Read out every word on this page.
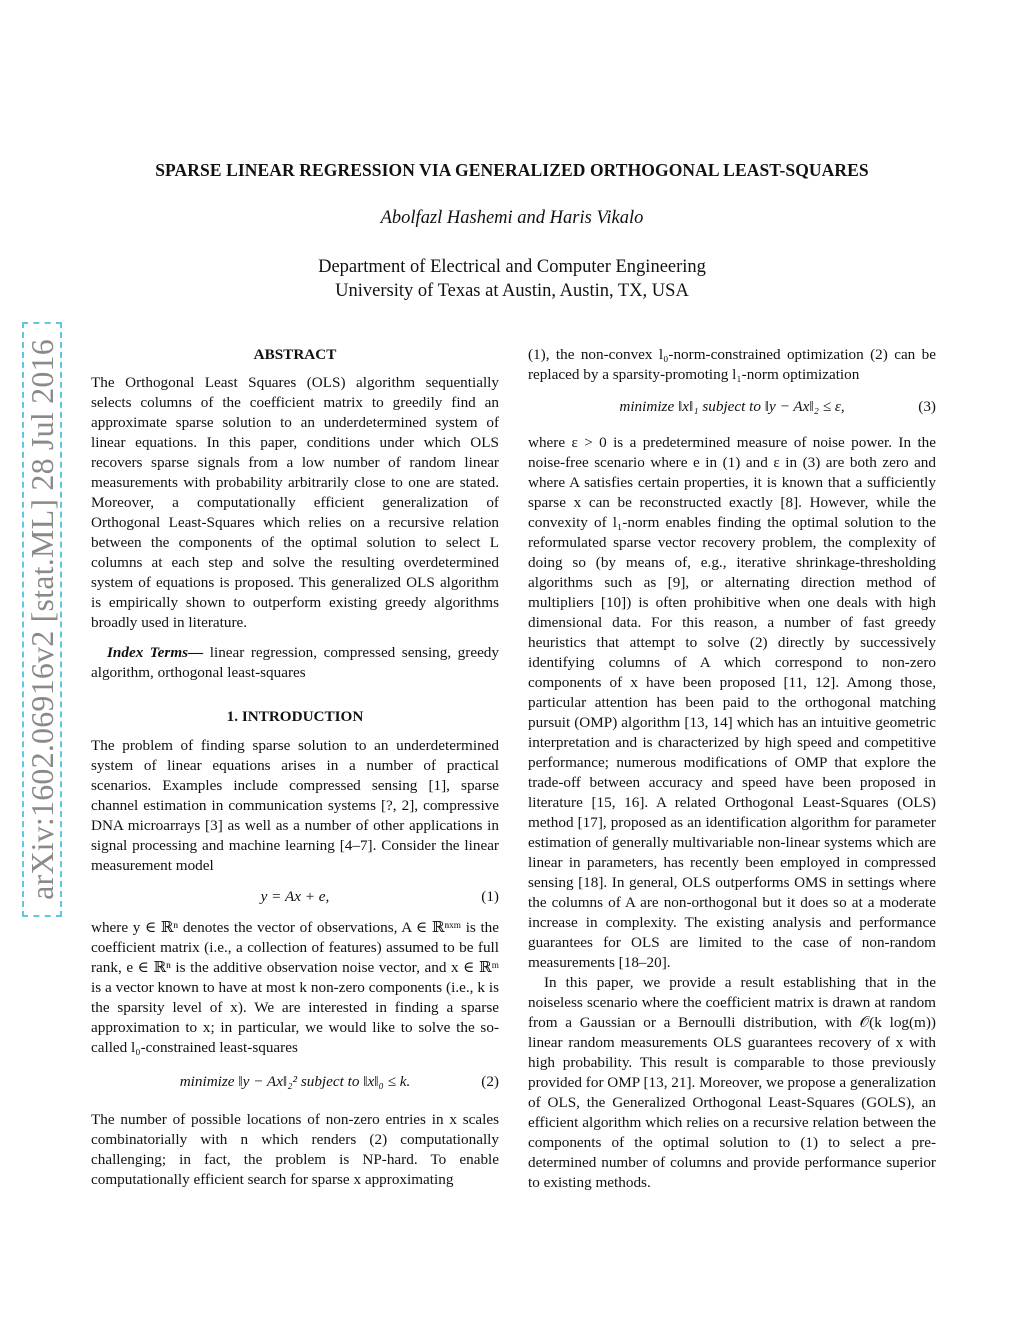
arXiv:1602.06916v2 [stat.ML] 28 Jul 2016
SPARSE LINEAR REGRESSION VIA GENERALIZED ORTHOGONAL LEAST-SQUARES
Abolfazl Hashemi and Haris Vikalo
Department of Electrical and Computer Engineering
University of Texas at Austin, Austin, TX, USA
ABSTRACT

The Orthogonal Least Squares (OLS) algorithm sequentially selects columns of the coefficient matrix to greedily find an approximate sparse solution to an underdetermined system of linear equations. In this paper, conditions under which OLS recovers sparse signals from a low number of random linear measurements with probability arbitrarily close to one are stated. Moreover, a computationally efficient generalization of Orthogonal Least-Squares which relies on a recursive relation between the components of the optimal solution to select L columns at each step and solve the resulting overdetermined system of equations is proposed. This generalized OLS algorithm is empirically shown to outperform existing greedy algorithms broadly used in literature.

Index Terms— linear regression, compressed sensing, greedy algorithm, orthogonal least-squares

1. INTRODUCTION

The problem of finding sparse solution to an underdetermined system of linear equations arises in a number of practical scenarios. Examples include compressed sensing [1], sparse channel estimation in communication systems [?, 2], compressive DNA microarrays [3] as well as a number of other applications in signal processing and machine learning [4–7]. Consider the linear measurement model

y = Ax + e,	(1)

where y ∈ ℝⁿ denotes the vector of observations, A ∈ ℝⁿˣᵐ is the coefficient matrix (i.e., a collection of features) assumed to be full rank, e ∈ ℝⁿ is the additive observation noise vector, and x ∈ ℝᵐ is a vector known to have at most k non-zero components (i.e., k is the sparsity level of x). We are interested in finding a sparse approximation to x; in particular, we would like to solve the so-called l₀-constrained least-squares

minimize ‖y − Ax‖₂² subject to ‖x‖₀ ≤ k.	(2)

The number of possible locations of non-zero entries in x scales combinatorially with n which renders (2) computationally challenging; in fact, the problem is NP-hard. To enable computationally efficient search for sparse x approximating

(1), the non-convex l₀-norm-constrained optimization (2) can be replaced by a sparsity-promoting l₁-norm optimization

minimize ‖x‖₁ subject to ‖y − Ax‖₂ ≤ ε,	(3)

where ε > 0 is a predetermined measure of noise power. In the noise-free scenario where e in (1) and ε in (3) are both zero and where A satisfies certain properties, it is known that a sufficiently sparse x can be reconstructed exactly [8]. However, while the convexity of l₁-norm enables finding the optimal solution to the reformulated sparse vector recovery problem, the complexity of doing so (by means of, e.g., iterative shrinkage-thresholding algorithms such as [9], or alternating direction method of multipliers [10]) is often prohibitive when one deals with high dimensional data. For this reason, a number of fast greedy heuristics that attempt to solve (2) directly by successively identifying columns of A which correspond to non-zero components of x have been proposed [11, 12]. Among those, particular attention has been paid to the orthogonal matching pursuit (OMP) algorithm [13, 14] which has an intuitive geometric interpretation and is characterized by high speed and competitive performance; numerous modifications of OMP that explore the trade-off between accuracy and speed have been proposed in literature [15, 16]. A related Orthogonal Least-Squares (OLS) method [17], proposed as an identification algorithm for parameter estimation of generally multivariable non-linear systems which are linear in parameters, has recently been employed in compressed sensing [18]. In general, OLS outperforms OMS in settings where the columns of A are non-orthogonal but it does so at a moderate increase in complexity. The existing analysis and performance guarantees for OLS are limited to the case of non-random measurements [18–20].

In this paper, we provide a result establishing that in the noiseless scenario where the coefficient matrix is drawn at random from a Gaussian or a Bernoulli distribution, with 𝒪(k log(m)) linear random measurements OLS guarantees recovery of x with high probability. This result is comparable to those previously provided for OMP [13, 21]. Moreover, we propose a generalization of OLS, the Generalized Orthogonal Least-Squares (GOLS), an efficient algorithm which relies on a recursive relation between the components of the optimal solution to (1) to select a pre-determined number of columns and provide performance superior to existing methods.
